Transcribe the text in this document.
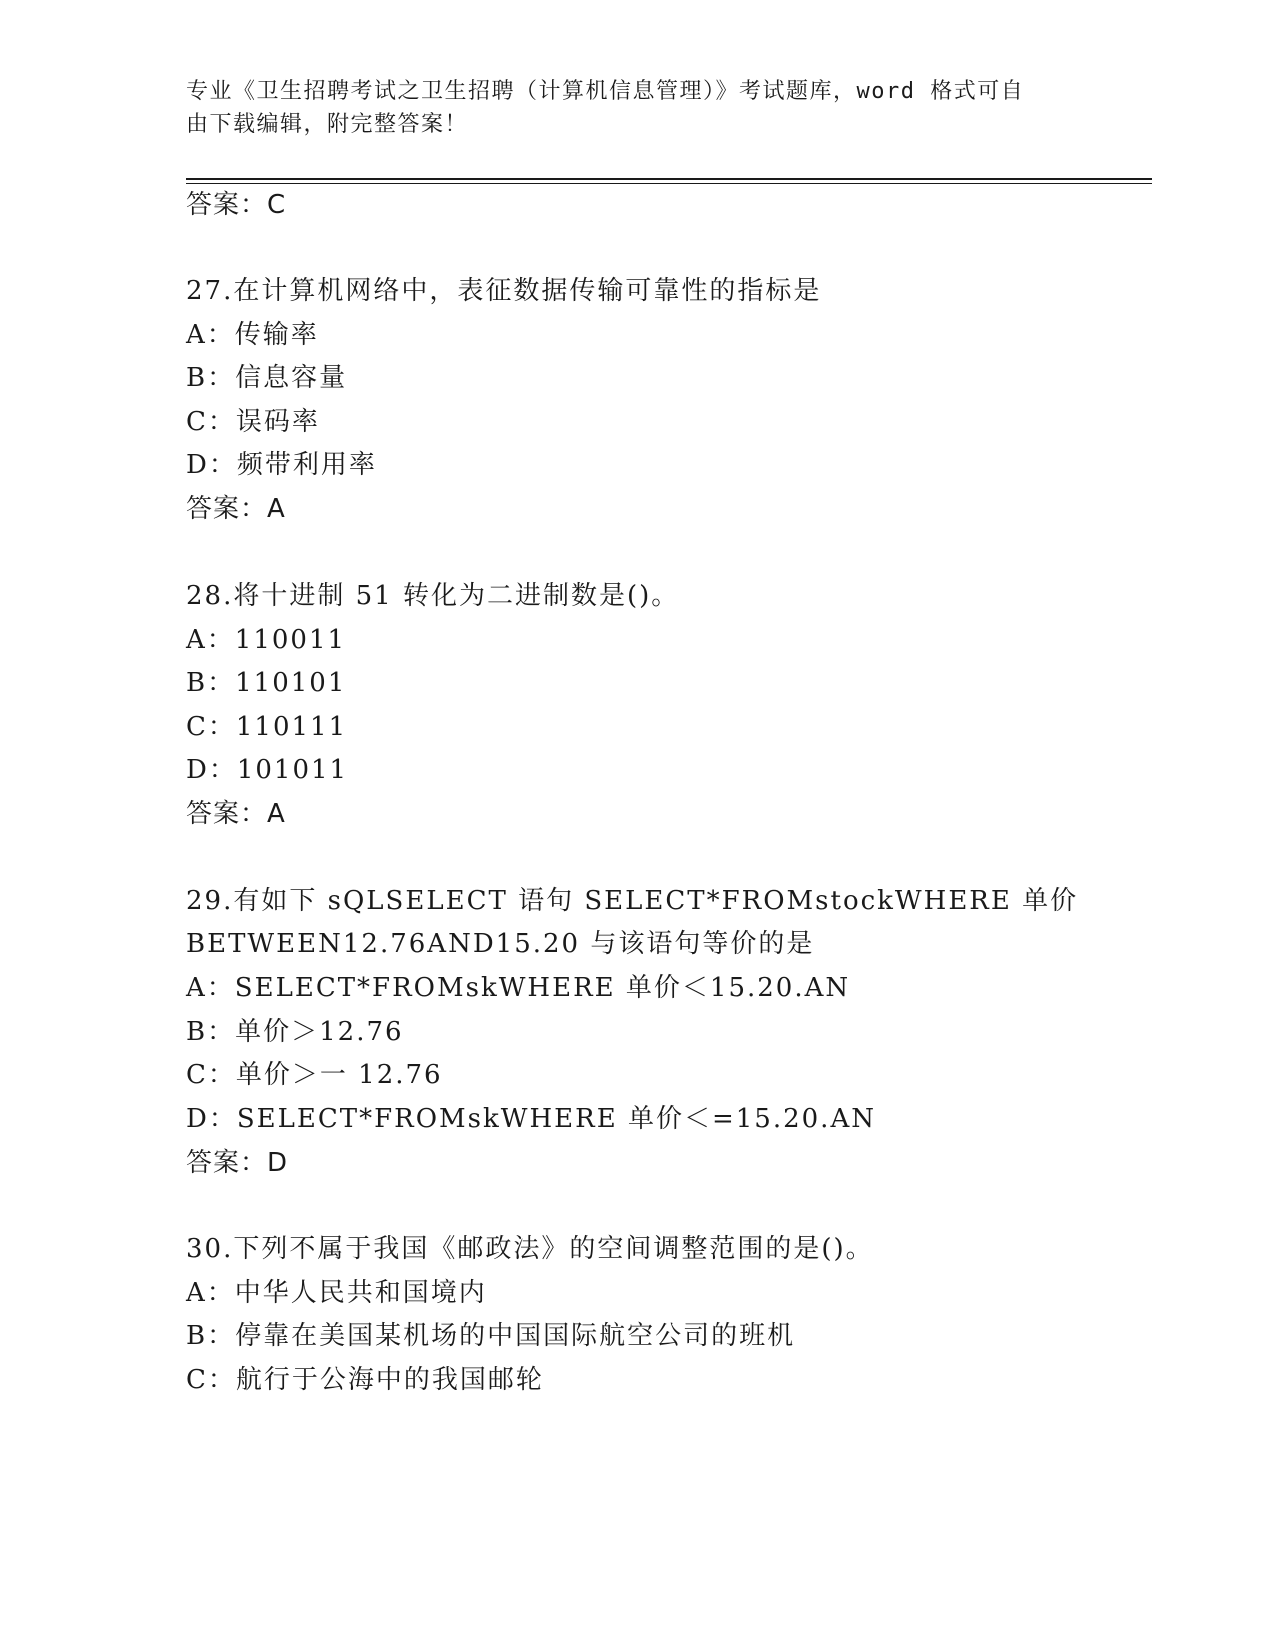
专业《卫生招聘考试之卫生招聘（计算机信息管理）》考试题库，word 格式可自
由下载编辑，附完整答案！
答案：C
27.在计算机网络中，表征数据传输可靠性的指标是
A：传输率
B：信息容量
C：误码率
D：频带利用率
答案：A
28.将十进制 51 转化为二进制数是()。
A：110011
B：110101
C：110111
D：101011
答案：A
29.有如下 sQLSELECT 语句 SELECT*FROMstockWHERE 单价
BETWEEN12.76AND15.20 与该语句等价的是
A：SELECT*FROMskWHERE 单价＜15.20.AN
B：单价＞12.76
C：单价＞一 12.76
D：SELECT*FROMskWHERE 单价＜=15.20.AN
答案：D
30.下列不属于我国《邮政法》的空间调整范围的是()。
A：中华人民共和国境内
B：停靠在美国某机场的中国国际航空公司的班机
C：航行于公海中的我国邮轮
